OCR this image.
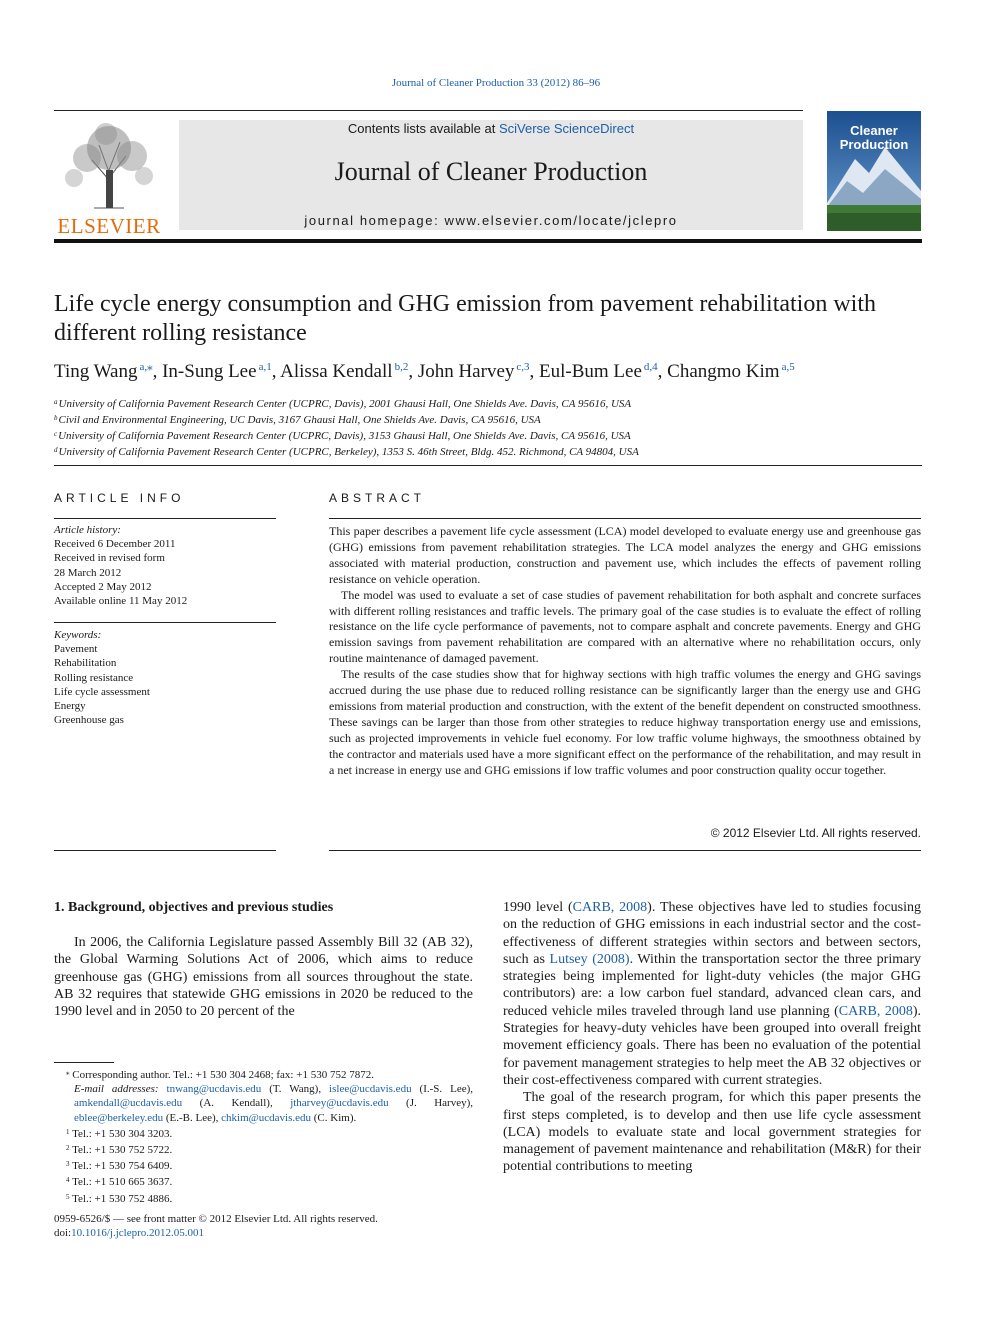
Journal of Cleaner Production 33 (2012) 86–96
ELSEVIER
Contents lists available at SciVerse ScienceDirect
Journal of Cleaner Production
journal homepage: www.elsevier.com/locate/jclepro
Cleaner
Production
Life cycle energy consumption and GHG emission from pavement rehabilitation with different rolling resistance
Ting Wang $^{a,⁎}$, In-Sung Lee $^{a,1}$, Alissa Kendall $^{b,2}$, John Harvey $^{c,3}$, Eul-Bum Lee $^{d,4}$, Changmo Kim $^{a,5}$
$^a$University of California Pavement Research Center (UCPRC, Davis), 2001 Ghausi Hall, One Shields Ave. Davis, CA 95616, USA
$^b$Civil and Environmental Engineering, UC Davis, 3167 Ghausi Hall, One Shields Ave. Davis, CA 95616, USA
$^c$University of California Pavement Research Center (UCPRC, Davis), 3153 Ghausi Hall, One Shields Ave. Davis, CA 95616, USA
$^d$University of California Pavement Research Center (UCPRC, Berkeley), 1353 S. 46th Street, Bldg. 452. Richmond, CA 94804, USA
ARTICLE INFO
Article history:
Received 6 December 2011
Received in revised form
28 March 2012
Accepted 2 May 2012
Available online 11 May 2012
Keywords:
Pavement
Rehabilitation
Rolling resistance
Life cycle assessment
Energy
Greenhouse gas
ABSTRACT

This paper describes a pavement life cycle assessment (LCA) model developed to evaluate energy use and greenhouse gas (GHG) emissions from pavement rehabilitation strategies. The LCA model analyzes the energy and GHG emissions associated with material production, construction and pavement use, which includes the effects of pavement rolling resistance on vehicle operation.

The model was used to evaluate a set of case studies of pavement rehabilitation for both asphalt and concrete surfaces with different rolling resistances and traffic levels. The primary goal of the case studies is to evaluate the effect of rolling resistance on the life cycle performance of pavements, not to compare asphalt and concrete pavements. Energy and GHG emission savings from pavement rehabilitation are compared with an alternative where no rehabilitation occurs, only routine maintenance of damaged pavement.

The results of the case studies show that for highway sections with high traffic volumes the energy and GHG savings accrued during the use phase due to reduced rolling resistance can be significantly larger than the energy use and GHG emissions from material production and construction, with the extent of the benefit dependent on constructed smoothness. These savings can be larger than those from other strategies to reduce highway transportation energy use and emissions, such as projected improvements in vehicle fuel economy. For low traffic volume highways, the smoothness obtained by the contractor and materials used have a more significant effect on the performance of the rehabilitation, and may result in a net increase in energy use and GHG emissions if low traffic volumes and poor construction quality occur together.

© 2012 Elsevier Ltd. All rights reserved.
1. Background, objectives and previous studies

In 2006, the California Legislature passed Assembly Bill 32 (AB 32), the Global Warming Solutions Act of 2006, which aims to reduce greenhouse gas (GHG) emissions from all sources throughout the state. AB 32 requires that statewide GHG emissions in 2020 be reduced to the 1990 level and in 2050 to 20 percent of the

1990 level (CARB, 2008). These objectives have led to studies focusing on the reduction of GHG emissions in each industrial sector and the cost-effectiveness of different strategies within sectors and between sectors, such as Lutsey (2008). Within the transportation sector the three primary strategies being implemented for light-duty vehicles (the major GHG contributors) are: a low carbon fuel standard, advanced clean cars, and reduced vehicle miles traveled through land use planning (CARB, 2008). Strategies for heavy-duty vehicles have been grouped into overall freight movement efficiency goals. There has been no evaluation of the potential for pavement management strategies to help meet the AB 32 objectives or their cost-effectiveness compared with current strategies.

The goal of the research program, for which this paper presents the first steps completed, is to develop and then use life cycle assessment (LCA) models to evaluate state and local government strategies for management of pavement maintenance and rehabilitation (M&R) for their potential contributions to meeting

⁎ Corresponding author. Tel.: +1 530 304 2468; fax: +1 530 752 7872.
E-mail addresses: tnwang@ucdavis.edu (T. Wang), islee@ucdavis.edu (I.-S. Lee), amkendall@ucdavis.edu (A. Kendall), jtharvey@ucdavis.edu (J. Harvey), eblee@berkeley.edu (E.-B. Lee), chkim@ucdavis.edu (C. Kim).
$^1$ Tel.: +1 530 304 3203.
$^2$ Tel.: +1 530 752 5722.
$^3$ Tel.: +1 530 754 6409.
$^4$ Tel.: +1 510 665 3637.
$^5$ Tel.: +1 530 752 4886.
0959-6526/$ — see front matter © 2012 Elsevier Ltd. All rights reserved.
doi:10.1016/j.jclepro.2012.05.001
